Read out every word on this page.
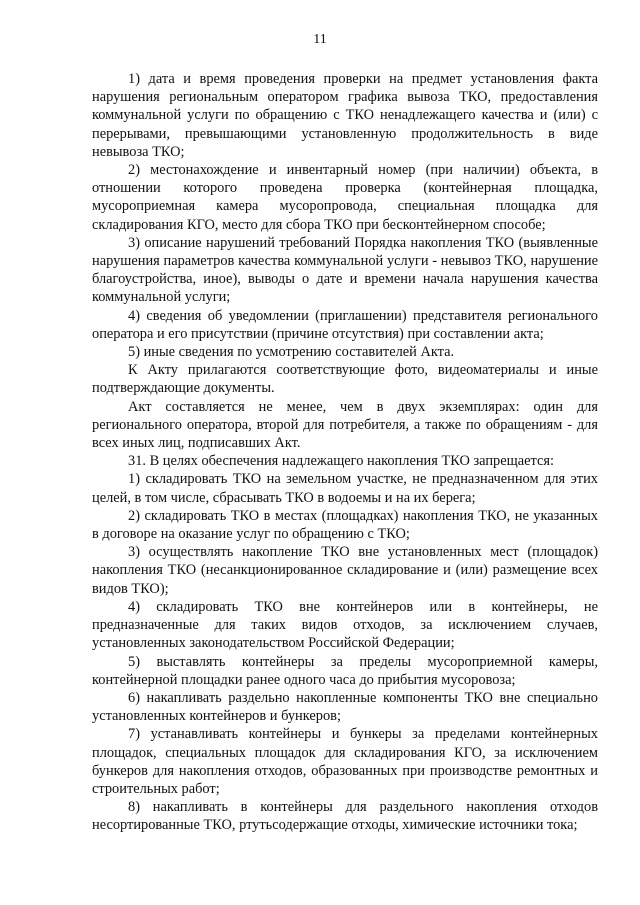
11

1) дата и время проведения проверки на предмет установления факта нарушения региональным оператором графика вывоза ТКО, предоставления коммунальной услуги по обращению с ТКО ненадлежащего качества и (или) с перерывами, превышающими установленную продолжительность в виде невывоза ТКО;

2) местонахождение и инвентарный номер (при наличии) объекта, в отношении которого проведена проверка (контейнерная площадка, мусороприемная камера мусоропровода, специальная площадка для складирования КГО, место для сбора ТКО при бесконтейнерном способе;

3) описание нарушений требований Порядка накопления ТКО (выявленные нарушения параметров качества коммунальной услуги - невывоз ТКО, нарушение благоустройства, иное), выводы о дате и времени начала нарушения качества коммунальной услуги;

4) сведения об уведомлении (приглашении) представителя регионального оператора и его присутствии (причине отсутствия) при составлении акта;

5) иные сведения по усмотрению составителей Акта.

К Акту прилагаются соответствующие фото, видеоматериалы и иные подтверждающие документы.

Акт составляется не менее, чем в двух экземплярах: один для регионального оператора, второй для потребителя, а также по обращениям - для всех иных лиц, подписавших Акт.

31. В целях обеспечения надлежащего накопления ТКО запрещается:

1) складировать ТКО на земельном участке, не предназначенном для этих целей, в том числе, сбрасывать ТКО в водоемы и на их берега;

2) складировать ТКО в местах (площадках) накопления ТКО, не указанных в договоре на оказание услуг по обращению с ТКО;

3) осуществлять накопление ТКО вне установленных мест (площадок) накопления ТКО (несанкционированное складирование и (или) размещение всех видов ТКО);

4) складировать ТКО вне контейнеров или в контейнеры, не предназначенные для таких видов отходов, за исключением случаев, установленных законодательством Российской Федерации;

5) выставлять контейнеры за пределы мусороприемной камеры, контейнерной площадки ранее одного часа до прибытия мусоровоза;

6) накапливать раздельно накопленные компоненты ТКО вне специально установленных контейнеров и бункеров;

7) устанавливать контейнеры и бункеры за пределами контейнерных площадок, специальных площадок для складирования КГО, за исключением бункеров для накопления отходов, образованных при производстве ремонтных и строительных работ;

8) накапливать в контейнеры для раздельного накопления отходов несортированные ТКО, ртутьсодержащие отходы, химические источники тока;
